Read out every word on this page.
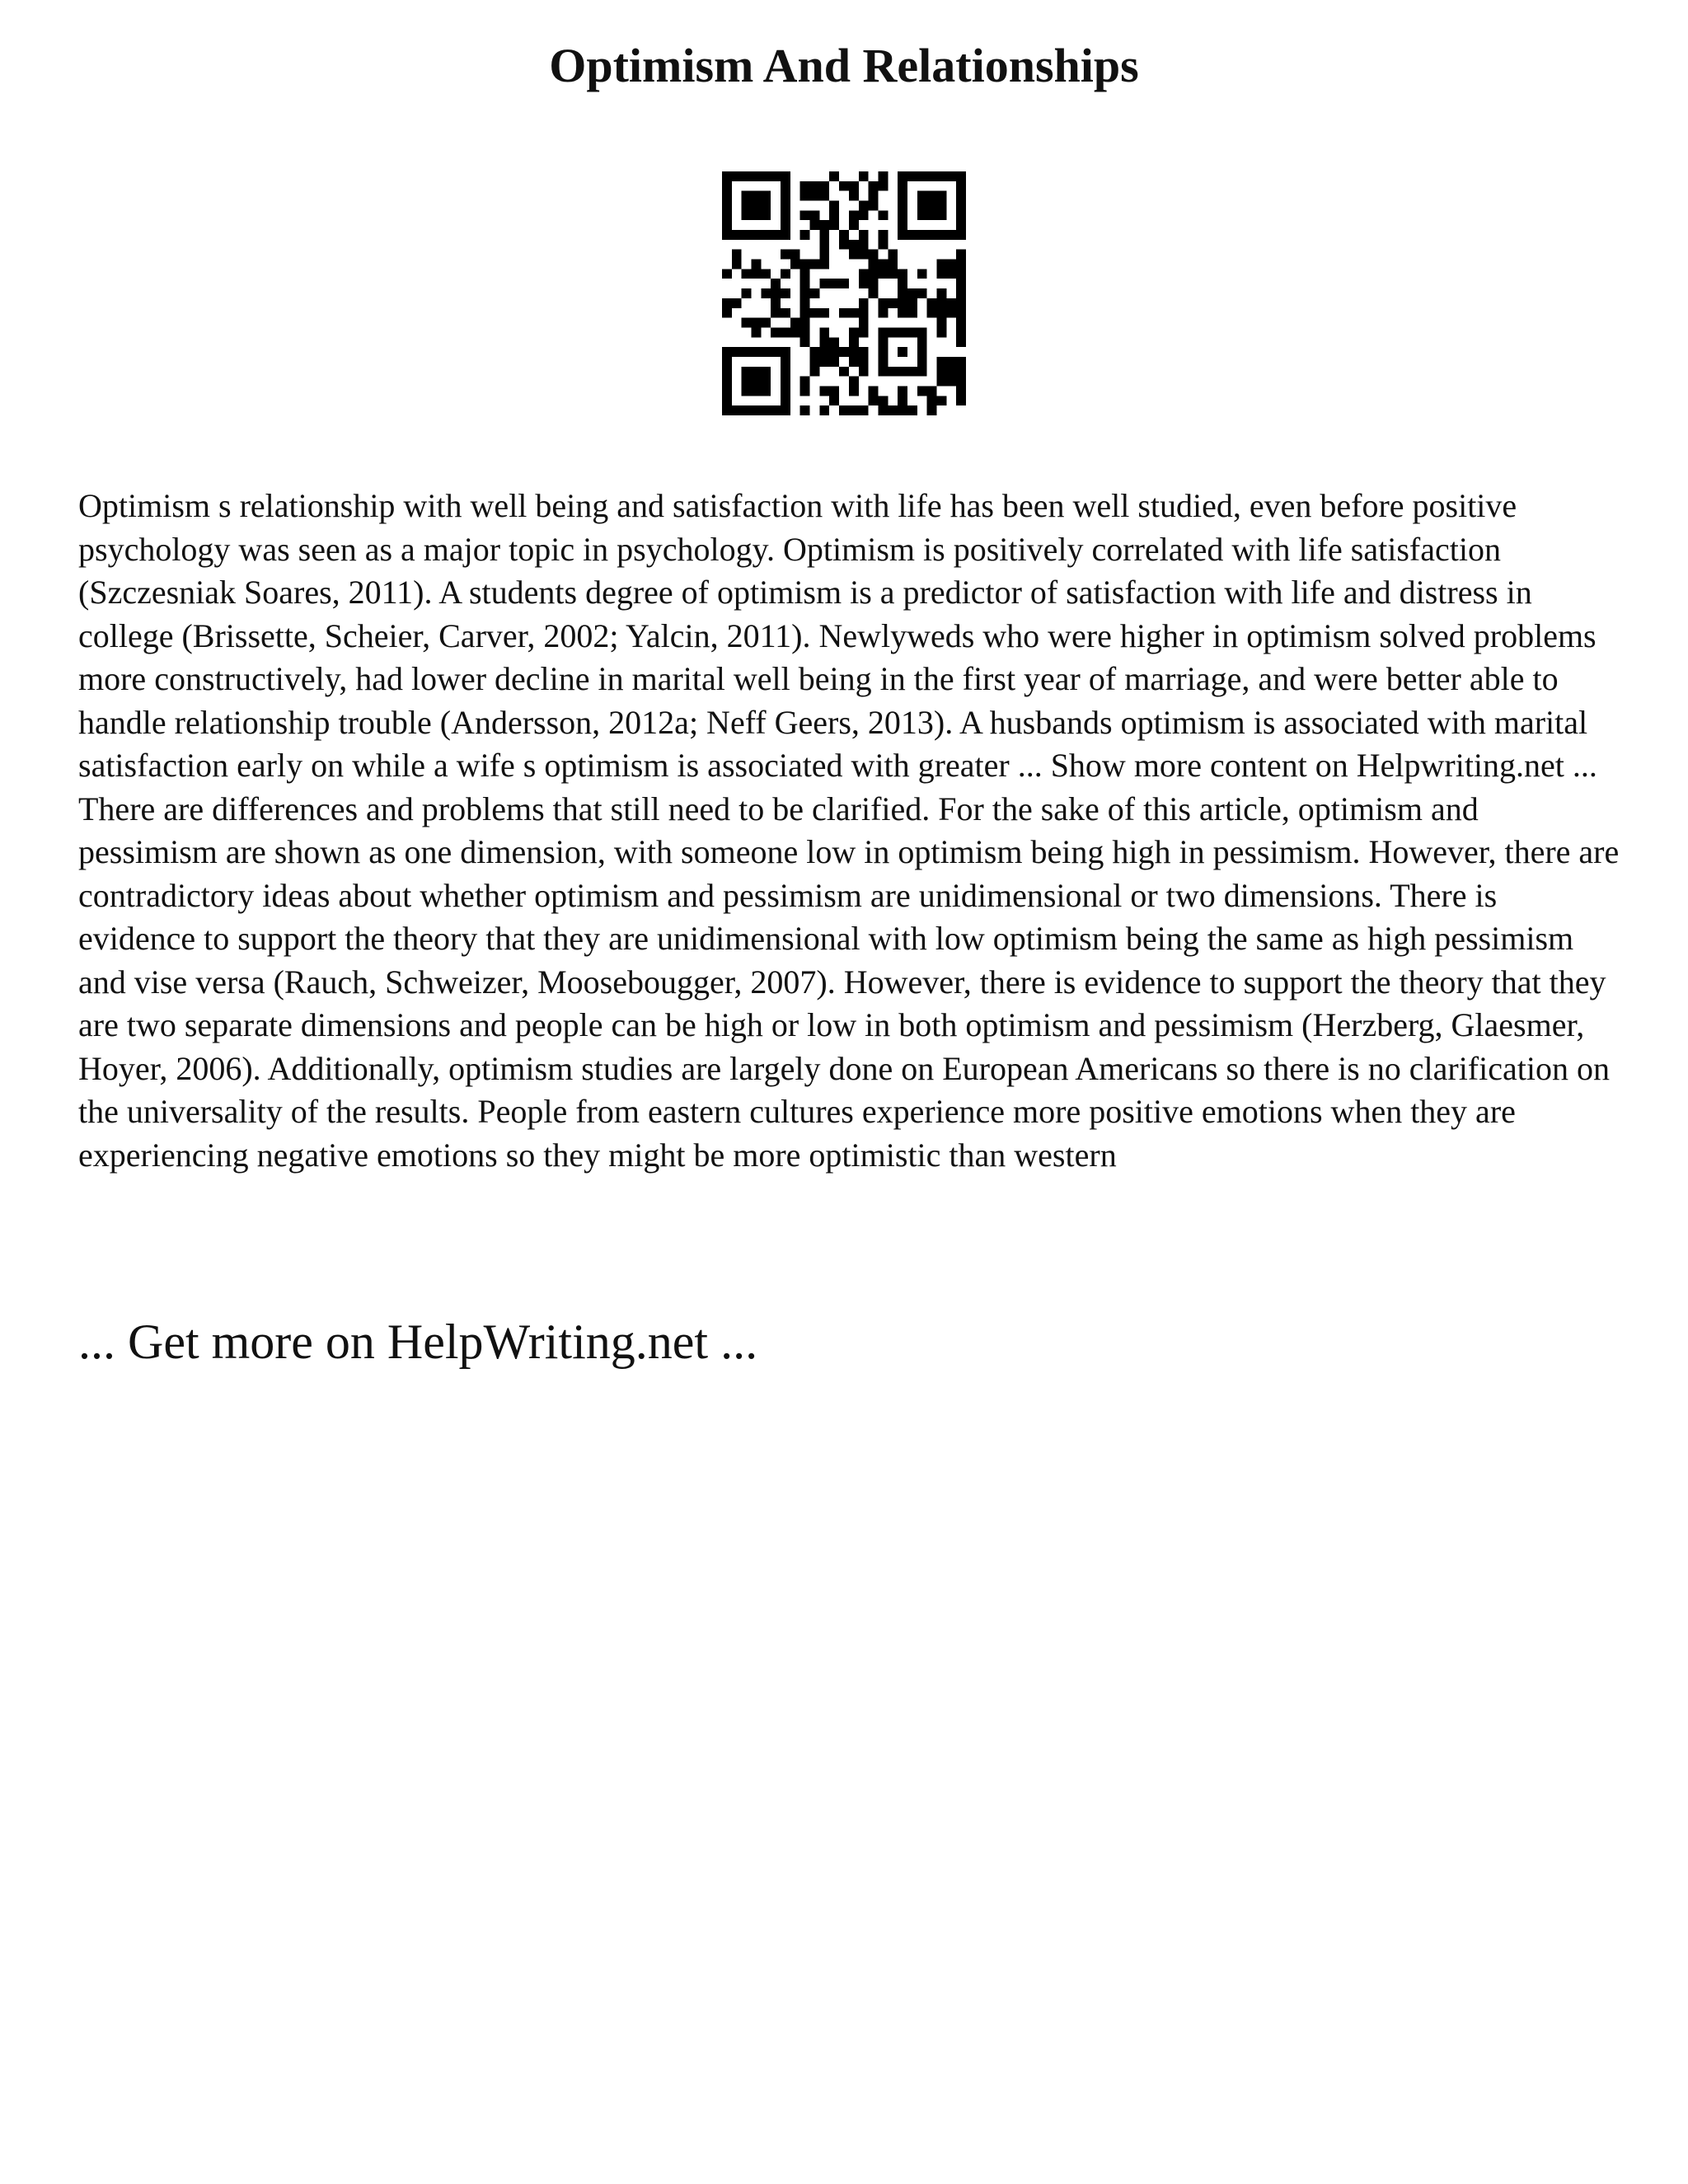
Optimism And Relationships

Optimism s relationship with well being and satisfaction with life has been well studied, even before positive psychology was seen as a major topic in psychology. Optimism is positively correlated with life satisfaction (Szczesniak Soares, 2011). A students degree of optimism is a predictor of satisfaction with life and distress in college (Brissette, Scheier, Carver, 2002; Yalcin, 2011). Newlyweds who were higher in optimism solved problems more constructively, had lower decline in marital well being in the first year of marriage, and were better able to handle relationship trouble (Andersson, 2012a; Neff Geers, 2013). A husbands optimism is associated with marital satisfaction early on while a wife s optimism is associated with greater ... Show more content on Helpwriting.net ...

There are differences and problems that still need to be clarified. For the sake of this article, optimism and pessimism are shown as one dimension, with someone low in optimism being high in pessimism. However, there are contradictory ideas about whether optimism and pessimism are unidimensional or two dimensions. There is evidence to support the theory that they are unidimensional with low optimism being the same as high pessimism and vise versa (Rauch, Schweizer, Moosebougger, 2007). However, there is evidence to support the theory that they are two separate dimensions and people can be high or low in both optimism and pessimism (Herzberg, Glaesmer, Hoyer, 2006). Additionally, optimism studies are largely done on European Americans so there is no clarification on the universality of the results. People from eastern cultures experience more positive emotions when they are experiencing negative emotions so they might be more optimistic than western

... Get more on HelpWriting.net ...
